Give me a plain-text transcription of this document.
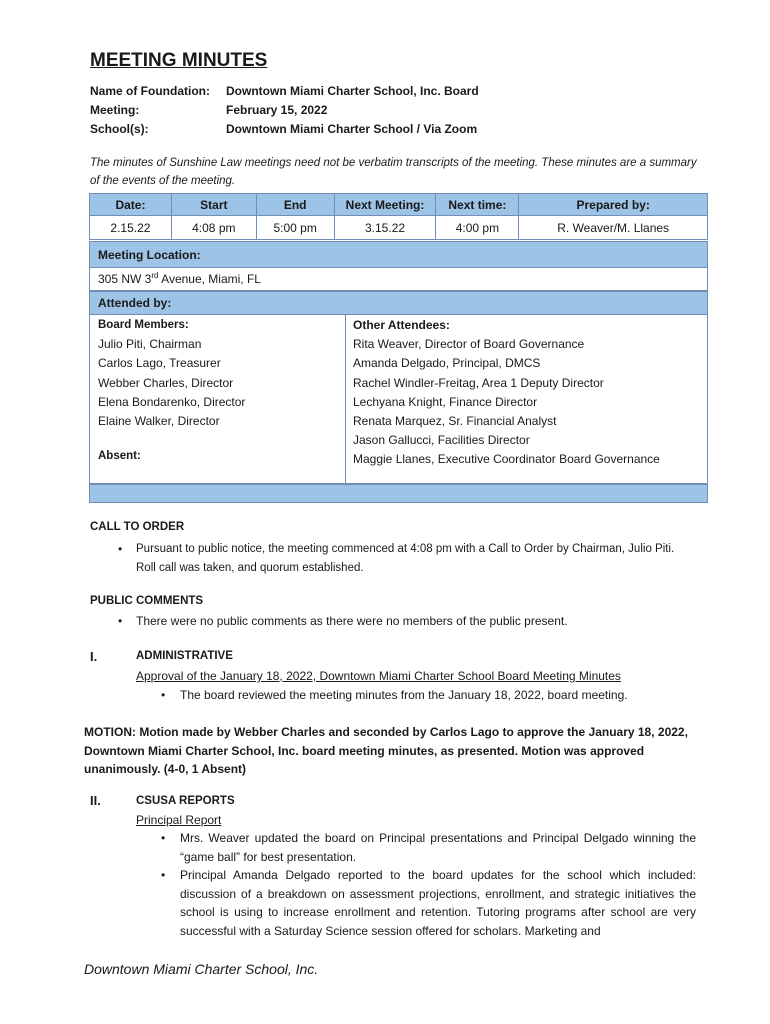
MEETING MINUTES
Name of Foundation:	Downtown Miami Charter School, Inc. Board
Meeting:	February 15, 2022
School(s):	Downtown Miami Charter School / Via Zoom
The minutes of Sunshine Law meetings need not be verbatim transcripts of the meeting. These minutes are a summary of the events of the meeting.
Date:	Start	End	Next Meeting:	Next time:	Prepared by:
2.15.22	4:08 pm	5:00 pm	3.15.22	4:00 pm	R. Weaver/M. Llanes
Meeting Location:
305 NW 3rd Avenue, Miami, FL
Attended by:
Board Members:
Julio Piti, Chairman
Carlos Lago, Treasurer
Webber Charles, Director
Elena Bondarenko, Director
Elaine Walker, Director
Absent:
Other Attendees:
Rita Weaver, Director of Board Governance
Amanda Delgado, Principal, DMCS
Rachel Windler-Freitag, Area 1 Deputy Director
Lechyana Knight, Finance Director
Renata Marquez, Sr. Financial Analyst
Jason Gallucci, Facilities Director
Maggie Llanes, Executive Coordinator Board Governance
CALL TO ORDER
•	Pursuant to public notice, the meeting commenced at 4:08 pm with a Call to Order by Chairman, Julio Piti.
Roll call was taken, and quorum established.
PUBLIC COMMENTS
•	There were no public comments as there were no members of the public present.
I.	ADMINISTRATIVE
Approval of the January 18, 2022, Downtown Miami Charter School Board Meeting Minutes
•	The board reviewed the meeting minutes from the January 18, 2022, board meeting.
MOTION: Motion made by Webber Charles and seconded by Carlos Lago to approve the January 18, 2022, Downtown Miami Charter School, Inc. board meeting minutes, as presented. Motion was approved unanimously. (4-0, 1 Absent)
II.	CSUSA REPORTS
Principal Report
•	Mrs. Weaver updated the board on Principal presentations and Principal Delgado winning the “game ball” for best presentation.
•	Principal Amanda Delgado reported to the board updates for the school which included: discussion of a breakdown on assessment projections, enrollment, and strategic initiatives the school is using to increase enrollment and retention. Tutoring programs after school are very successful with a Saturday Science session offered for scholars. Marketing and
Downtown Miami Charter School, Inc.
